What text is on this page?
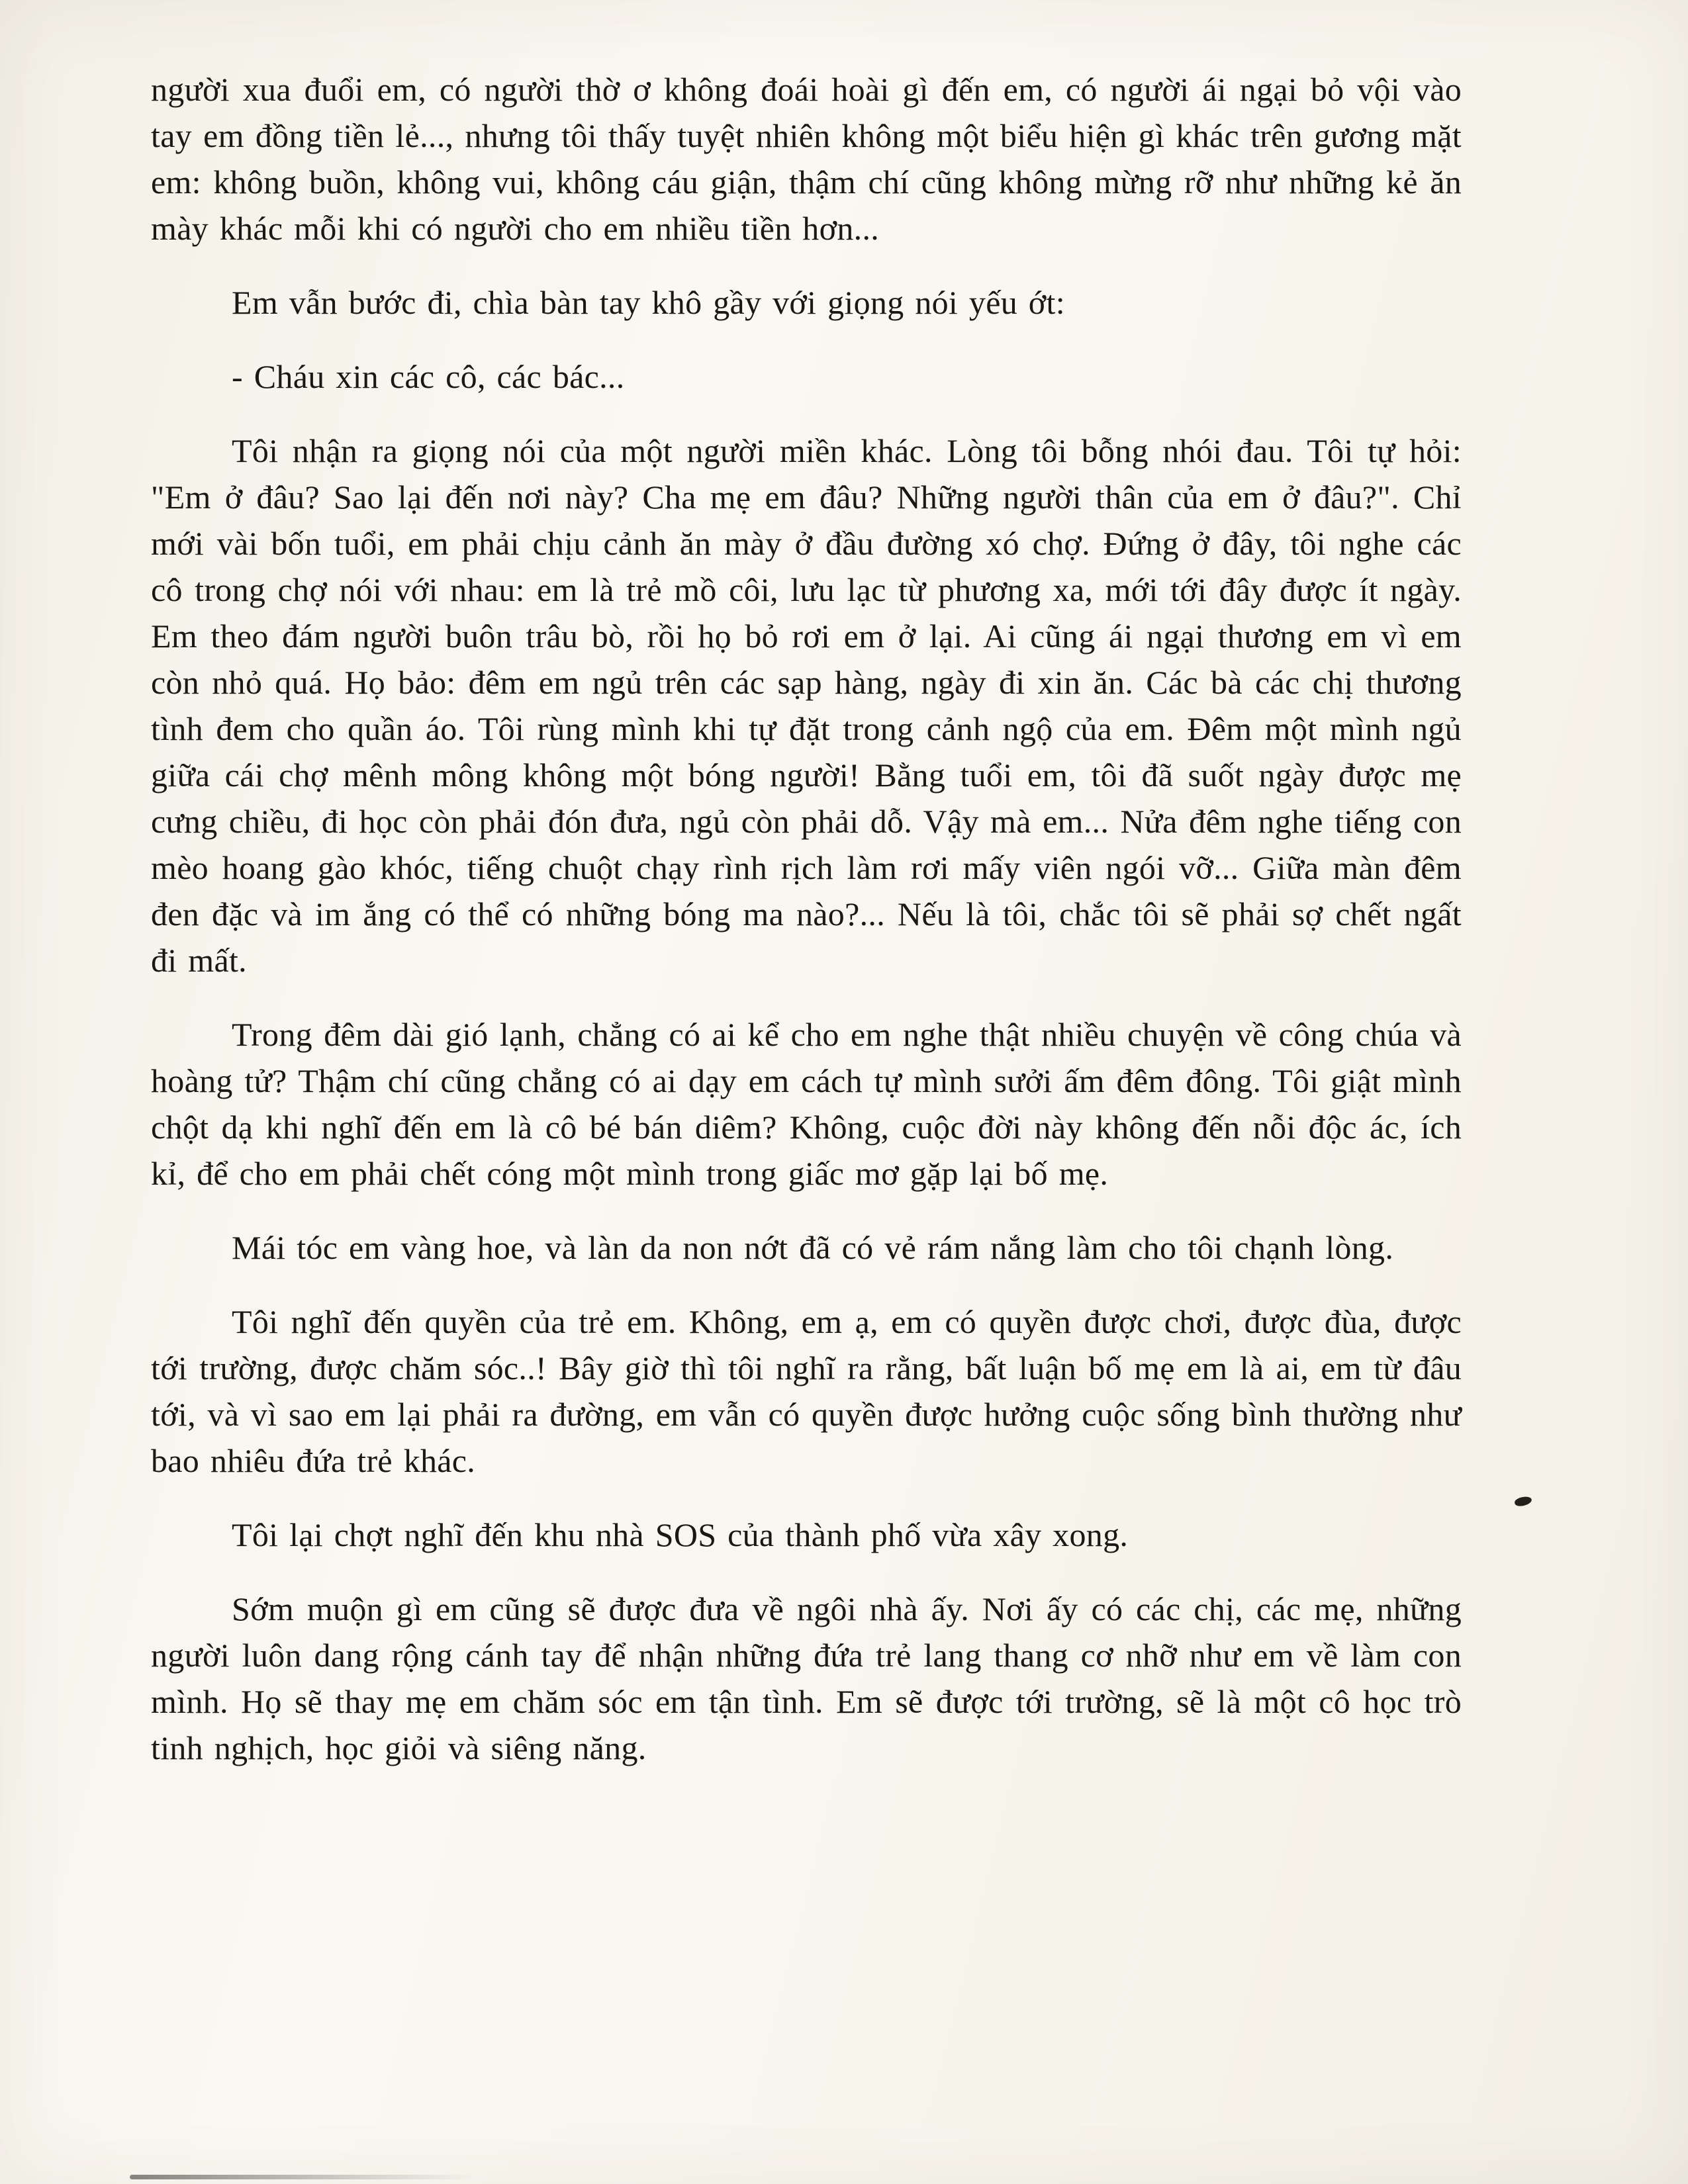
người xua đuổi em, có người thờ ơ không đoái hoài gì đến em, có người ái ngại bỏ vội vào tay em đồng tiền lẻ..., nhưng tôi thấy tuyệt nhiên không một biểu hiện gì khác trên gương mặt em: không buồn, không vui, không cáu giận, thậm chí cũng không mừng rỡ như những kẻ ăn mày khác mỗi khi có người cho em nhiều tiền hơn...

Em vẫn bước đi, chìa bàn tay khô gầy với giọng nói yếu ớt:

- Cháu xin các cô, các bác...

Tôi nhận ra giọng nói của một người miền khác. Lòng tôi bỗng nhói đau. Tôi tự hỏi: "Em ở đâu? Sao lại đến nơi này? Cha mẹ em đâu? Những người thân của em ở đâu?". Chỉ mới vài bốn tuổi, em phải chịu cảnh ăn mày ở đầu đường xó chợ. Đứng ở đây, tôi nghe các cô trong chợ nói với nhau: em là trẻ mồ côi, lưu lạc từ phương xa, mới tới đây được ít ngày. Em theo đám người buôn trâu bò, rồi họ bỏ rơi em ở lại. Ai cũng ái ngại thương em vì em còn nhỏ quá. Họ bảo: đêm em ngủ trên các sạp hàng, ngày đi xin ăn. Các bà các chị thương tình đem cho quần áo. Tôi rùng mình khi tự đặt trong cảnh ngộ của em. Đêm một mình ngủ giữa cái chợ mênh mông không một bóng người! Bằng tuổi em, tôi đã suốt ngày được mẹ cưng chiều, đi học còn phải đón đưa, ngủ còn phải dỗ. Vậy mà em... Nửa đêm nghe tiếng con mèo hoang gào khóc, tiếng chuột chạy rình rịch làm rơi mấy viên ngói vỡ... Giữa màn đêm đen đặc và im ắng có thể có những bóng ma nào?... Nếu là tôi, chắc tôi sẽ phải sợ chết ngất đi mất.

Trong đêm dài gió lạnh, chẳng có ai kể cho em nghe thật nhiều chuyện về công chúa và hoàng tử? Thậm chí cũng chẳng có ai dạy em cách tự mình sưởi ấm đêm đông. Tôi giật mình chột dạ khi nghĩ đến em là cô bé bán diêm? Không, cuộc đời này không đến nỗi độc ác, ích kỉ, để cho em phải chết cóng một mình trong giấc mơ gặp lại bố mẹ.

Mái tóc em vàng hoe, và làn da non nớt đã có vẻ rám nắng làm cho tôi chạnh lòng.

Tôi nghĩ đến quyền của trẻ em. Không, em ạ, em có quyền được chơi, được đùa, được tới trường, được chăm sóc..! Bây giờ thì tôi nghĩ ra rằng, bất luận bố mẹ em là ai, em từ đâu tới, và vì sao em lại phải ra đường, em vẫn có quyền được hưởng cuộc sống bình thường như bao nhiêu đứa trẻ khác.

Tôi lại chợt nghĩ đến khu nhà SOS của thành phố vừa xây xong.

Sớm muộn gì em cũng sẽ được đưa về ngôi nhà ấy. Nơi ấy có các chị, các mẹ, những người luôn dang rộng cánh tay để nhận những đứa trẻ lang thang cơ nhỡ như em về làm con mình. Họ sẽ thay mẹ em chăm sóc em tận tình. Em sẽ được tới trường, sẽ là một cô học trò tinh nghịch, học giỏi và siêng năng.
